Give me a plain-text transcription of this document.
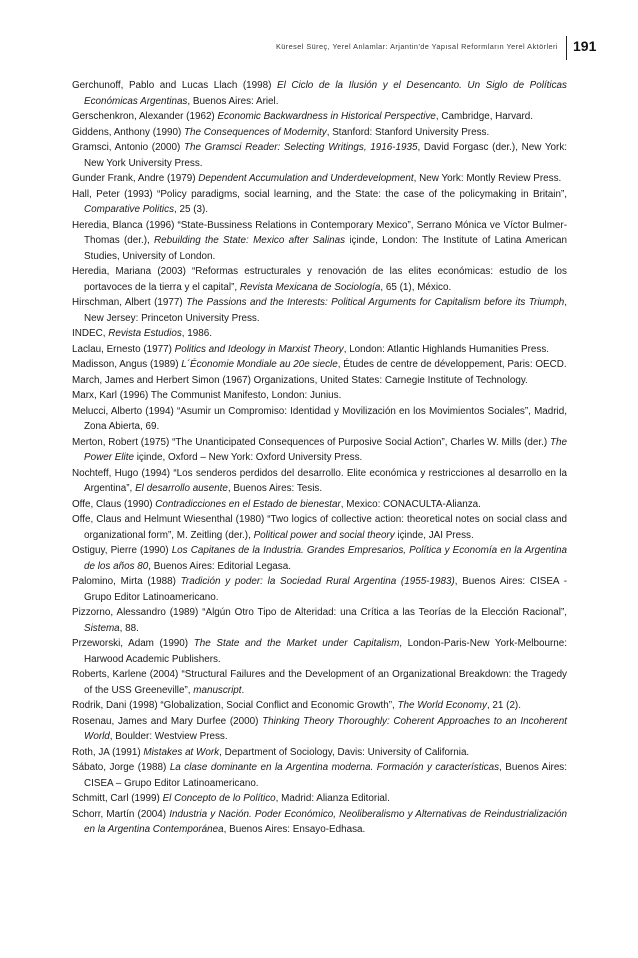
Küresel Süreç, Yerel Anlamlar: Arjantin'de Yapısal Reformların Yerel Aktörleri 191
Gerchunoff, Pablo and Lucas Llach (1998) El Ciclo de la Ilusión y el Desencanto. Un Siglo de Políticas Económicas Argentinas, Buenos Aires: Ariel.
Gerschenkron, Alexander (1962) Economic Backwardness in Historical Perspective, Cambridge, Harvard.
Giddens, Anthony (1990) The Consequences of Modernity, Stanford: Stanford University Press.
Gramsci, Antonio (2000) The Gramsci Reader: Selecting Writings, 1916-1935, David Forgasc (der.), New York: New York University Press.
Gunder Frank, Andre (1979) Dependent Accumulation and Underdevelopment, New York: Montly Review Press.
Hall, Peter (1993) “Policy paradigms, social learning, and the State: the case of the policymaking in Britain”, Comparative Politics, 25 (3).
Heredia, Blanca (1996) “State-Bussiness Relations in Contemporary Mexico”, Serrano Mónica ve Víctor Bulmer-Thomas (der.), Rebuilding the State: Mexico after Salinas içinde, London: The Institute of Latina American Studies, University of London.
Heredia, Mariana (2003) “Reformas estructurales y renovación de las elites económicas: estudio de los portavoces de la tierra y el capital”, Revista Mexicana de Sociología, 65 (1), México.
Hirschman, Albert (1977) The Passions and the Interests: Political Arguments for Capitalism before its Triumph, New Jersey: Princeton University Press.
INDEC, Revista Estudios, 1986.
Laclau, Ernesto (1977) Politics and Ideology in Marxist Theory, London: Atlantic Highlands Humanities Press.
Madisson, Angus (1989) L´Économie Mondiale au 20e siecle, Études de centre de développement, Paris: OECD.
March, James and Herbert Simon (1967) Organizations, United States: Carnegie Institute of Technology.
Marx, Karl (1996) The Communist Manifesto, London: Junius.
Melucci, Alberto (1994) “Asumir un Compromiso: Identidad y Movilización en los Movimientos Sociales”, Madrid, Zona Abierta, 69.
Merton, Robert (1975) “The Unanticipated Consequences of Purposive Social Action”, Charles W. Mills (der.) The Power Elite içinde, Oxford – New York: Oxford University Press.
Nochteff, Hugo (1994) “Los senderos perdidos del desarrollo. Elite económica y restricciones al desarrollo en la Argentina”, El desarrollo ausente, Buenos Aires: Tesis.
Offe, Claus (1990) Contradicciones en el Estado de bienestar, Mexico: CONACULTA-Alianza.
Offe, Claus and Helmunt Wiesenthal (1980) “Two logics of collective action: theoretical notes on social class and organizational form”, M. Zeitling (der.), Political power and social theory içinde, JAI Press.
Ostiguy, Pierre (1990) Los Capitanes de la Industria. Grandes Empresarios, Política y Economía en la Argentina de los años 80, Buenos Aires: Editorial Legasa.
Palomino, Mirta (1988) Tradición y poder: la Sociedad Rural Argentina (1955-1983), Buenos Aires: CISEA - Grupo Editor Latinoamericano.
Pizzorno, Alessandro (1989) “Algún Otro Tipo de Alteridad: una Crítica a las Teorías de la Elección Racional”, Sistema, 88.
Przeworski, Adam (1990) The State and the Market under Capitalism, London-Paris-New York-Melbourne: Harwood Academic Publishers.
Roberts, Karlene (2004) “Structural Failures and the Development of an Organizational Breakdown: the Tragedy of the USS Greeneville”, manuscript.
Rodrik, Dani (1998) “Globalization, Social Conflict and Economic Growth”, The World Economy, 21 (2).
Rosenau, James and Mary Durfee (2000) Thinking Theory Thoroughly: Coherent Approaches to an Incoherent World, Boulder: Westview Press.
Roth, JA (1991) Mistakes at Work, Department of Sociology, Davis: University of California.
Sábato, Jorge (1988) La clase dominante en la Argentina moderna. Formación y características, Buenos Aires: CISEA – Grupo Editor Latinoamericano.
Schmitt, Carl (1999) El Concepto de lo Político, Madrid: Alianza Editorial.
Schorr, Martín (2004) Industria y Nación. Poder Económico, Neoliberalismo y Alternativas de Reindustrialización en la Argentina Contemporánea, Buenos Aires: Ensayo-Edhasa.
